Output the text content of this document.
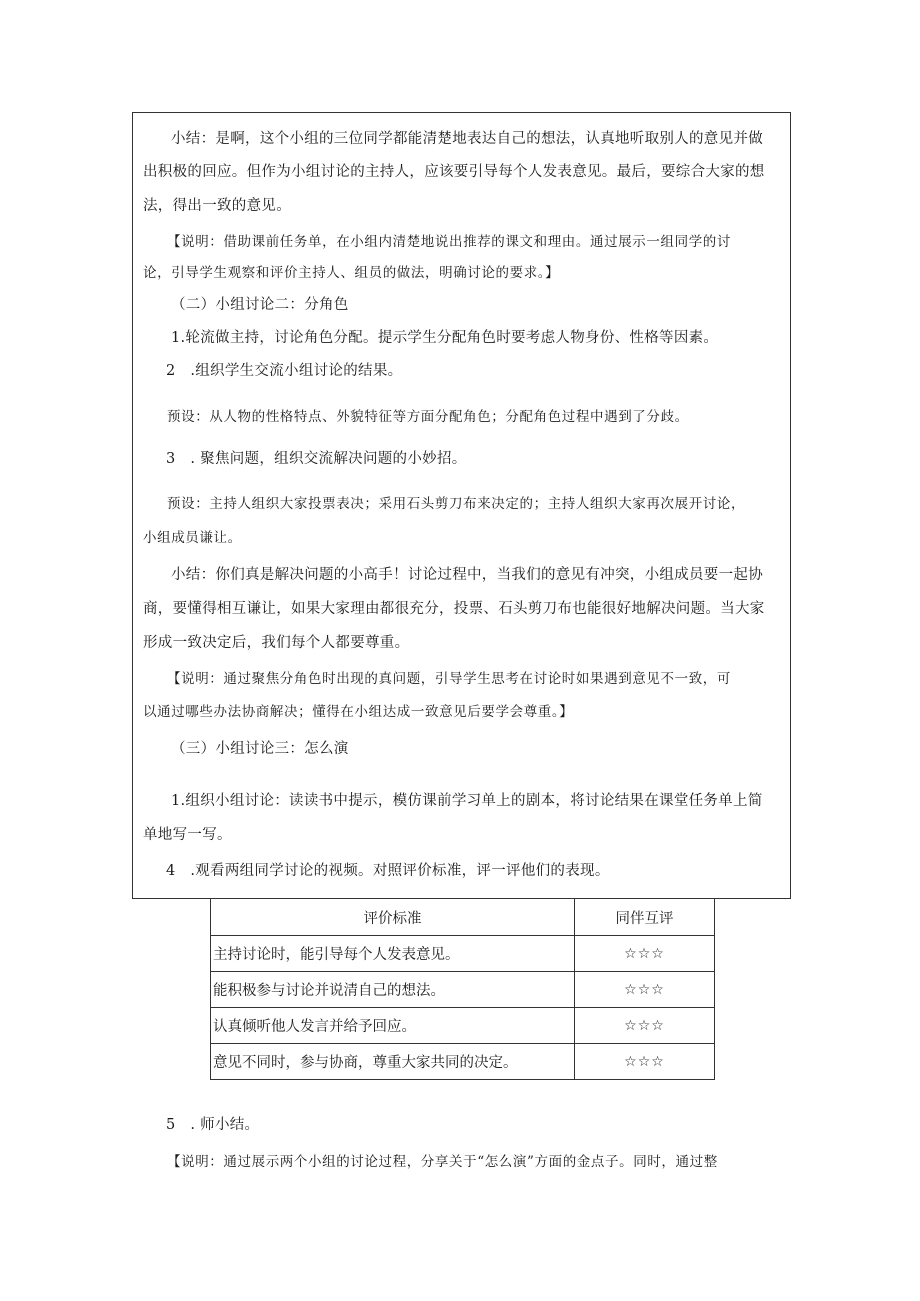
小结：是啊，这个小组的三位同学都能清楚地表达自己的想法，认真地听取别人的意见并做
出积极的回应。但作为小组讨论的主持人，应该要引导每个人发表意见。最后，要综合大家的想
法，得出一致的意见。
【说明：借助课前任务单，在小组内清楚地说出推荐的课文和理由。通过展示一组同学的讨
论，引导学生观察和评价主持人、组员的做法，明确讨论的要求。】
（二）小组讨论二：分角色
1.轮流做主持，讨论角色分配。提示学生分配角色时要考虑人物身份、性格等因素。
2　.组织学生交流小组讨论的结果。
预设：从人物的性格特点、外貌特征等方面分配角色；分配角色过程中遇到了分歧。
3　. 聚焦问题，组织交流解决问题的小妙招。
预设：主持人组织大家投票表决；采用石头剪刀布来决定的；主持人组织大家再次展开讨论，
小组成员谦让。
小结：你们真是解决问题的小高手！讨论过程中，当我们的意见有冲突，小组成员要一起协
商，要懂得相互谦让，如果大家理由都很充分，投票、石头剪刀布也能很好地解决问题。当大家
形成一致决定后，我们每个人都要尊重。
【说明：通过聚焦分角色时出现的真问题，引导学生思考在讨论时如果遇到意见不一致，可
以通过哪些办法协商解决；懂得在小组达成一致意见后要学会尊重。】
（三）小组讨论三：怎么演
1.组织小组讨论：读读书中提示，模仿课前学习单上的剧本，将讨论结果在课堂任务单上简
单地写一写。
4　.观看两组同学讨论的视频。对照评价标准，评一评他们的表现。
评价标准	同伴互评
主持讨论时，能引导每个人发表意见。	☆☆☆
能积极参与讨论并说清自己的想法。	☆☆☆
认真倾听他人发言并给予回应。	☆☆☆
意见不同时，参与协商，尊重大家共同的决定。	☆☆☆
5　. 师小结。
【说明：通过展示两个小组的讨论过程，分享关于“怎么演”方面的金点子。同时，通过整
